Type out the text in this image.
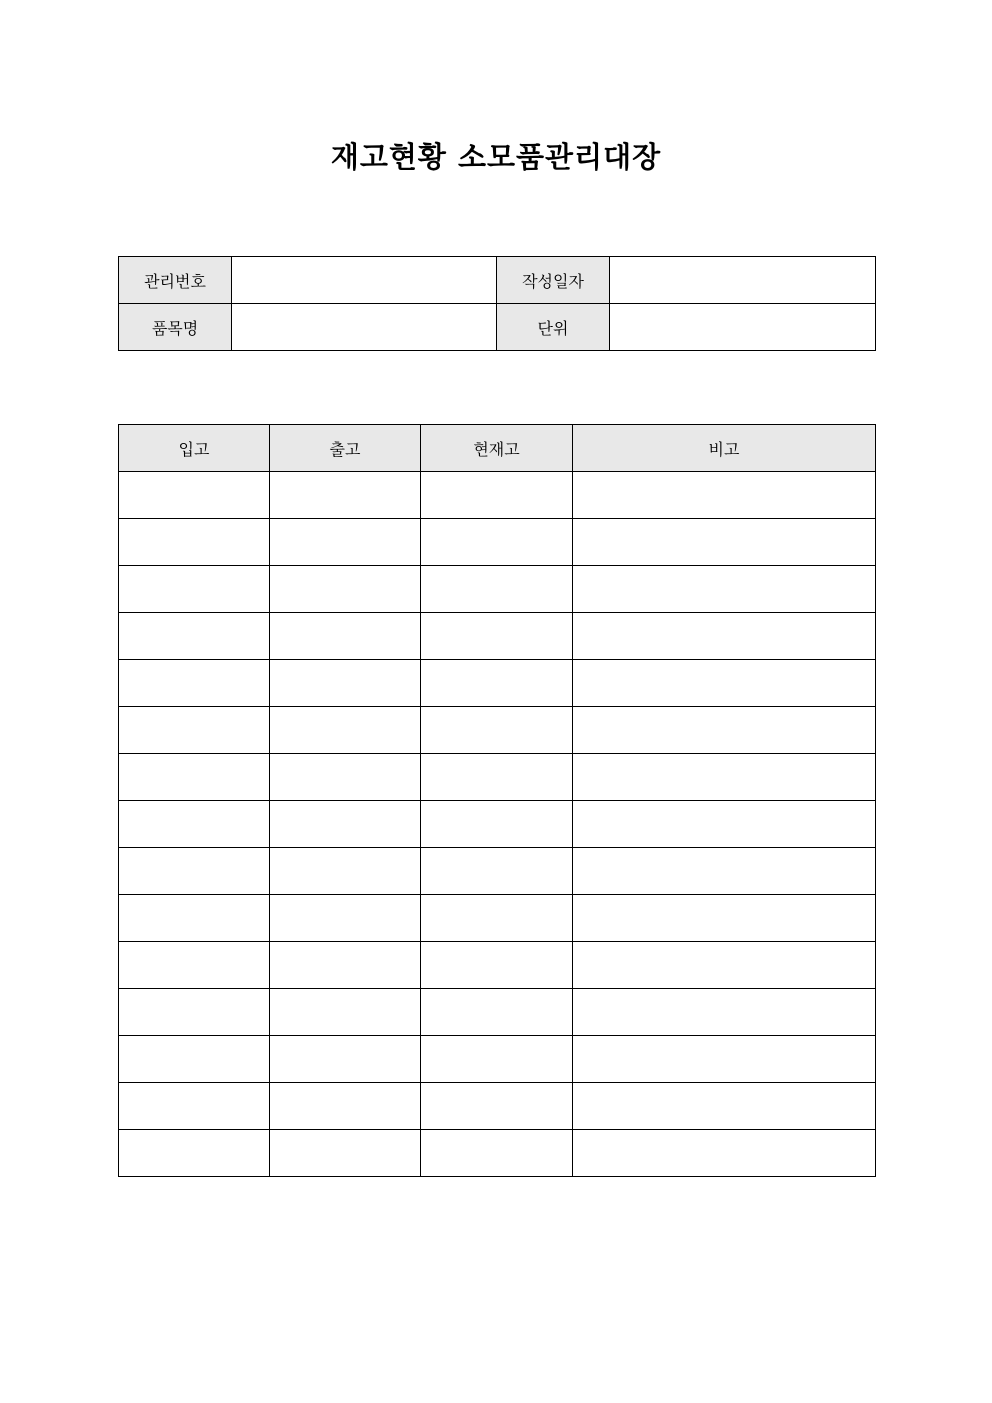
재고현황 소모품관리대장
관리번호		작성일자	
품목명		단위	
입고	출고	현재고	비고
